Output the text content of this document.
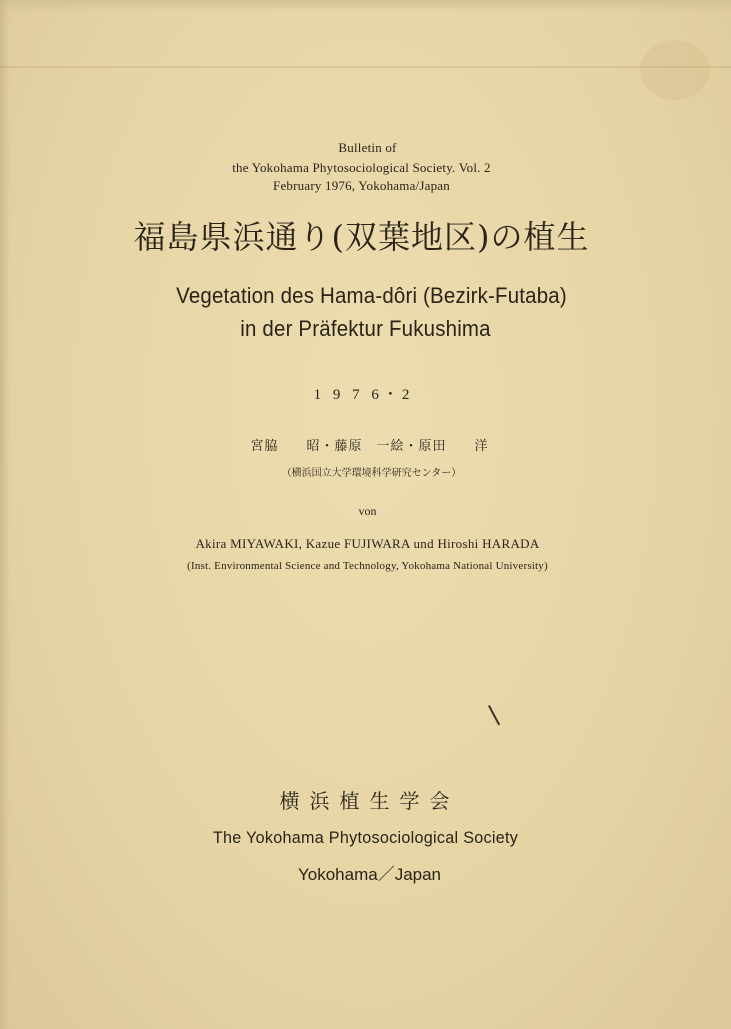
Bulletin of
the Yokohama Phytosociological Society. Vol. 2
February 1976, Yokohama/Japan
福島県浜通り(双葉地区)の植生
Vegetation des Hama-dôri (Bezirk-Futaba)
in der Präfektur Fukushima
1 9 7 6・2
宮脇　　昭・藤原　一絵・原田　　洋
（横浜国立大学環境科学研究センター）
von
Akira MIYAWAKI, Kazue FUJIWARA und Hiroshi HARADA
(Inst. Environmental Science and Technology, Yokohama National University)
横浜植生学会
The Yokohama Phytosociological Society
Yokohama／Japan
